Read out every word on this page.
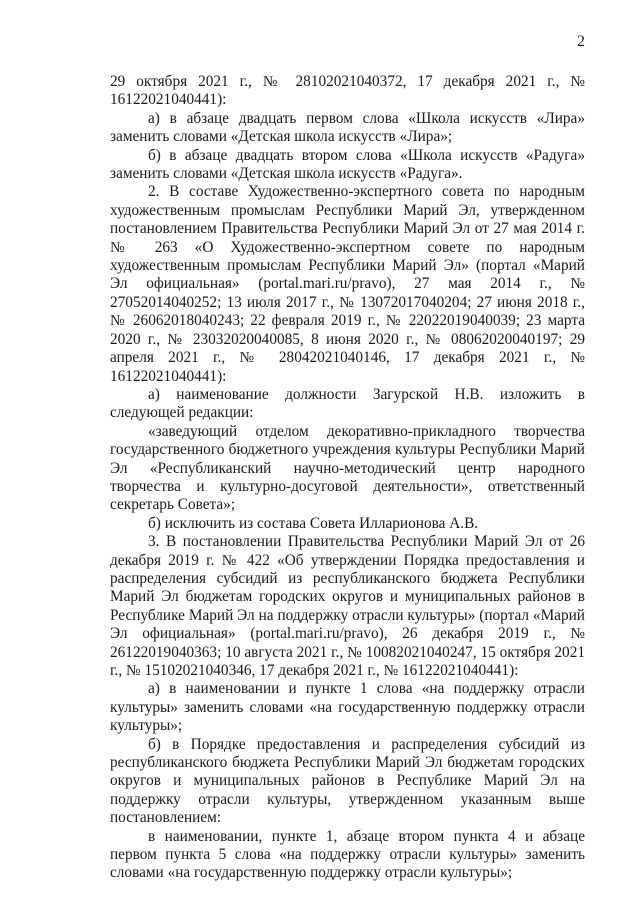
2

29 октября 2021 г., № 28102021040372, 17 декабря 2021 г., № 16122021040441):

а) в абзаце двадцать первом слова «Школа искусств «Лира» заменить словами «Детская школа искусств «Лира»;

б) в абзаце двадцать втором слова «Школа искусств «Радуга» заменить словами «Детская школа искусств «Радуга».

2. В составе Художественно-экспертного совета по народным художественным промыслам Республики Марий Эл, утвержденном постановлением Правительства Республики Марий Эл от 27 мая 2014 г. № 263 «О Художественно-экспертном совете по народным художественным промыслам Республики Марий Эл» (портал «Марий Эл официальная» (portal.mari.ru/pravo), 27 мая 2014 г., № 27052014040252; 13 июля 2017 г., № 13072017040204; 27 июня 2018 г., № 26062018040243; 22 февраля 2019 г., № 22022019040039; 23 марта 2020 г., № 23032020040085, 8 июня 2020 г., № 08062020040197; 29 апреля 2021 г., № 28042021040146, 17 декабря 2021 г., № 16122021040441):

а) наименование должности Загурской Н.В. изложить в следующей редакции:

«заведующий отделом декоративно-прикладного творчества государственного бюджетного учреждения культуры Республики Марий Эл «Республиканский научно-методический центр народного творчества и культурно-досуговой деятельности», ответственный секретарь Совета»;

б) исключить из состава Совета Илларионова А.В.

3. В постановлении Правительства Республики Марий Эл от 26 декабря 2019 г. № 422 «Об утверждении Порядка предоставления и распределения субсидий из республиканского бюджета Республики Марий Эл бюджетам городских округов и муниципальных районов в Республике Марий Эл на поддержку отрасли культуры» (портал «Марий Эл официальная» (portal.mari.ru/pravo), 26 декабря 2019 г., № 26122019040363; 10 августа 2021 г., № 10082021040247, 15 октября 2021 г., № 15102021040346, 17 декабря 2021 г., № 16122021040441):

а) в наименовании и пункте 1 слова «на поддержку отрасли культуры» заменить словами «на государственную поддержку отрасли культуры»;

б) в Порядке предоставления и распределения субсидий из республиканского бюджета Республики Марий Эл бюджетам городских округов и муниципальных районов в Республике Марий Эл на поддержку отрасли культуры, утвержденном указанным выше постановлением:

в наименовании, пункте 1, абзаце втором пункта 4 и абзаце первом пункта 5 слова «на поддержку отрасли культуры» заменить словами «на государственную поддержку отрасли культуры»;
